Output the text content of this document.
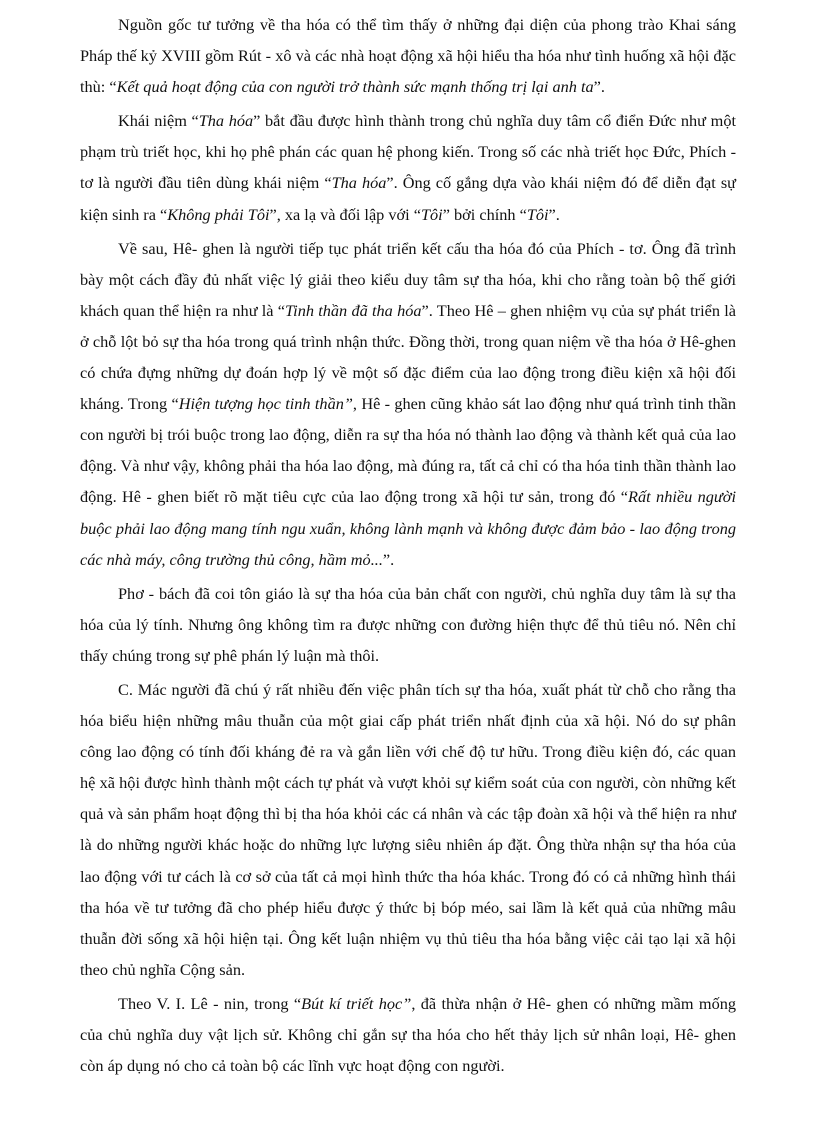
Nguồn gốc tư tưởng về tha hóa có thể tìm thấy ở những đại diện của phong trào Khai sáng Pháp thế kỷ XVIII gồm Rút - xô và các nhà hoạt động xã hội hiểu tha hóa như tình huống xã hội đặc thù: “Kết quả hoạt động của con người trở thành sức mạnh thống trị lại anh ta”.

Khái niệm “Tha hóa” bắt đầu được hình thành trong chủ nghĩa duy tâm cổ điển Đức như một phạm trù triết học, khi họ phê phán các quan hệ phong kiến. Trong số các nhà triết học Đức, Phích - tơ là người đầu tiên dùng khái niệm “Tha hóa”. Ông cố gắng dựa vào khái niệm đó để diễn đạt sự kiện sinh ra “Không phải Tôi”, xa lạ và đối lập với “Tôi” bởi chính “Tôi”.

Về sau, Hê- ghen là người tiếp tục phát triển kết cấu tha hóa đó của Phích - tơ. Ông đã trình bày một cách đầy đủ nhất việc lý giải theo kiểu duy tâm sự tha hóa, khi cho rằng toàn bộ thế giới khách quan thể hiện ra như là “Tinh thần đã tha hóa”. Theo Hê – ghen nhiệm vụ của sự phát triển là ở chỗ lột bỏ sự tha hóa trong quá trình nhận thức. Đồng thời, trong quan niệm về tha hóa ở Hê-ghen có chứa đựng những dự đoán hợp lý về một số đặc điểm của lao động trong điều kiện xã hội đối kháng. Trong “Hiện tượng học tinh thần”, Hê - ghen cũng khảo sát lao động như quá trình tinh thần con người bị trói buộc trong lao động, diễn ra sự tha hóa nó thành lao động và thành kết quả của lao động. Và như vậy, không phải tha hóa lao động, mà đúng ra, tất cả chỉ có tha hóa tinh thần thành lao động. Hê - ghen biết rõ mặt tiêu cực của lao động trong xã hội tư sản, trong đó “Rất nhiều người buộc phải lao động mang tính ngu xuẩn, không lành mạnh và không được đảm bảo - lao động trong các nhà máy, công trường thủ công, hầm mỏ...”.

Phơ - bách đã coi tôn giáo là sự tha hóa của bản chất con người, chủ nghĩa duy tâm là sự tha hóa của lý tính. Nhưng ông không tìm ra được những con đường hiện thực để thủ tiêu nó. Nên chỉ thấy chúng trong sự phê phán lý luận mà thôi.

C. Mác người đã chú ý rất nhiều đến việc phân tích sự tha hóa, xuất phát từ chỗ cho rằng tha hóa biểu hiện những mâu thuẫn của một giai cấp phát triển nhất định của xã hội. Nó do sự phân công lao động có tính đối kháng đẻ ra và gắn liền với chế độ tư hữu. Trong điều kiện đó, các quan hệ xã hội được hình thành một cách tự phát và vượt khỏi sự kiểm soát của con người, còn những kết quả và sản phẩm hoạt động thì bị tha hóa khỏi các cá nhân và các tập đoàn xã hội và thể hiện ra như là do những người khác hoặc do những lực lượng siêu nhiên áp đặt. Ông thừa nhận sự tha hóa của lao động với tư cách là cơ sở của tất cả mọi hình thức tha hóa khác. Trong đó có cả những hình thái tha hóa về tư tưởng đã cho phép hiểu được ý thức bị bóp méo, sai lầm là kết quả của những mâu thuẫn đời sống xã hội hiện tại. Ông kết luận nhiệm vụ thủ tiêu tha hóa bằng việc cải tạo lại xã hội theo chủ nghĩa Cộng sản.

Theo V. I. Lê - nin, trong “Bút kí triết học”, đã thừa nhận ở Hê- ghen có những mầm mống của chủ nghĩa duy vật lịch sử. Không chỉ gắn sự tha hóa cho hết thảy lịch sử nhân loại, Hê- ghen còn áp dụng nó cho cả toàn bộ các lĩnh vực hoạt động con người.
